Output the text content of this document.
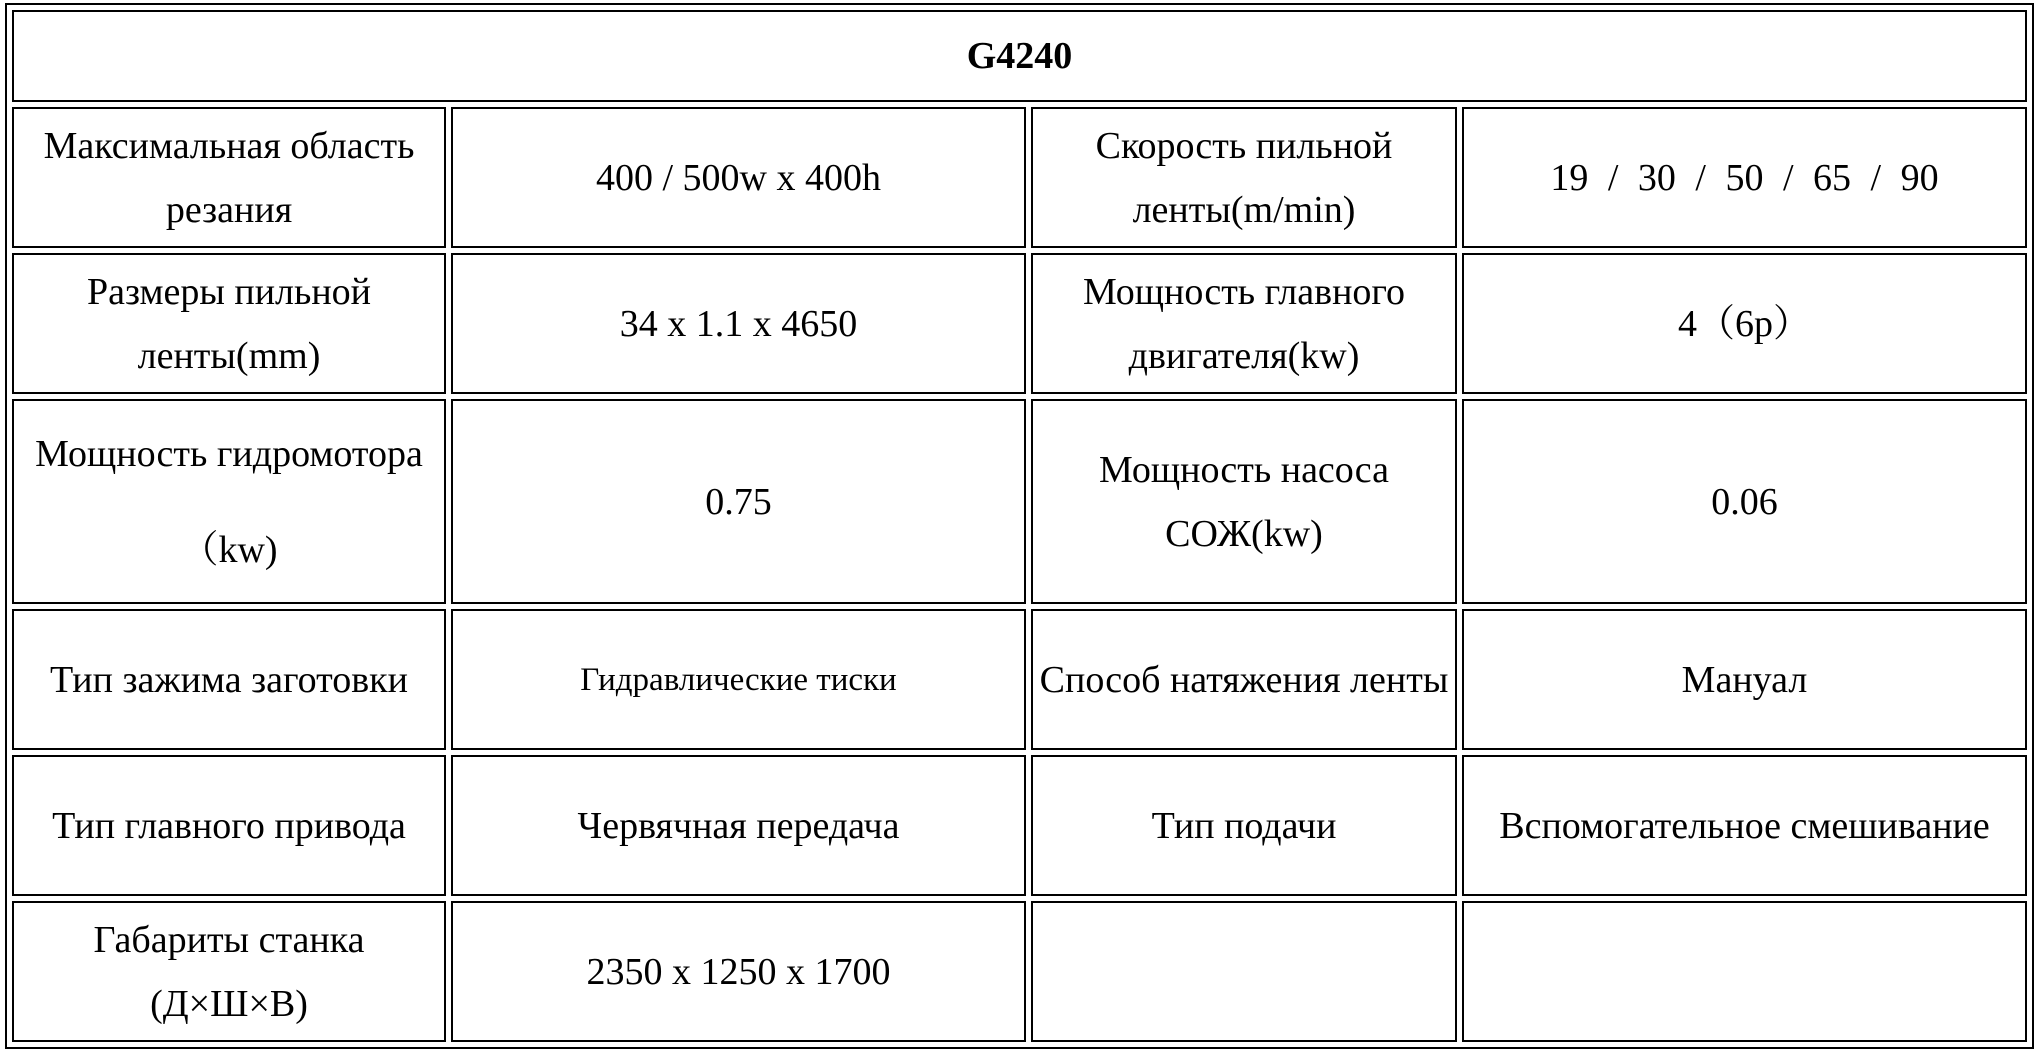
G4240			
Максимальная область резания	400 / 500w x 400h	Скорость пильной ленты(m/min)	19 / 30 / 50 / 65 / 90
Размеры пильной ленты(mm)	34 x 1.1 x 4650	Мощность главного двигателя(kw)	4（6p）
Мощность гидромотора（kw)	0.75	Мощность насоса СОЖ(kw)	0.06
Тип зажима заготовки	Гидравлические тиски	Способ натяжения ленты	Мануал
Тип главного привода	Червячная передача	Тип подачи	Вспомогательное смешивание
Габариты станка (Д×Ш×В)	2350 x 1250 x 1700		
